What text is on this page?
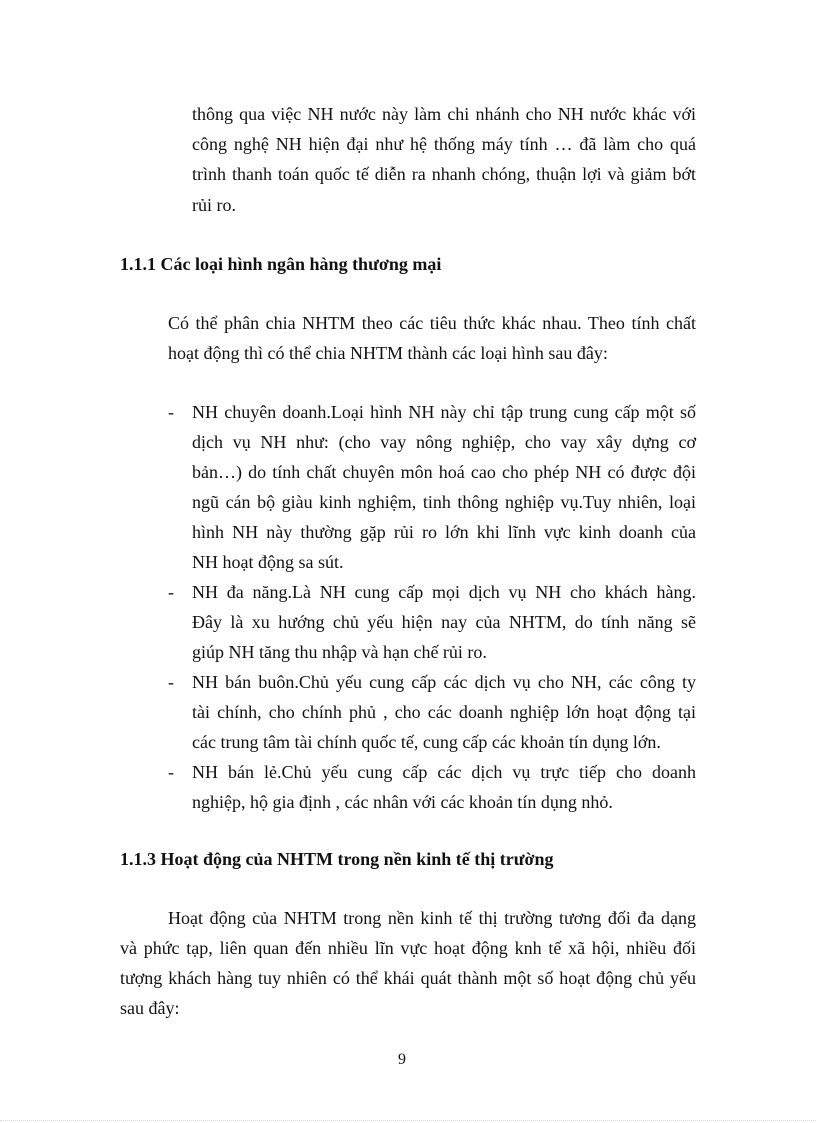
thông qua việc NH nước này làm chi nhánh cho NH nước khác với
công nghệ NH hiện đại như hệ thống máy tính … đã làm cho quá
trình thanh toán quốc tế diễn ra nhanh chóng, thuận lợi và giảm bớt
rủi ro.
1.1.1 Các loại hình ngân hàng thương mại
Có thể phân chia NHTM theo các tiêu thức khác nhau. Theo tính chất
hoạt động thì có thể chia NHTM thành các loại hình sau đây:
- NH chuyên doanh.Loại hình NH này chỉ tập trung cung cấp một số
dịch vụ NH như: (cho vay nông nghiệp, cho vay xây dựng cơ
bản…) do tính chất chuyên môn hoá cao cho phép NH có được đội
ngũ cán bộ giàu kinh nghiệm, tinh thông nghiệp vụ.Tuy nhiên, loại
hình NH này thường gặp rủi ro lớn khi lĩnh vực kinh doanh của
NH hoạt động sa sút.
- NH đa năng.Là NH cung cấp mọi dịch vụ NH cho khách hàng.
Đây là xu hướng chủ yếu hiện nay của NHTM, do tính năng sẽ
giúp NH tăng thu nhập và hạn chế rủi ro.
- NH bán buôn.Chủ yếu cung cấp các dịch vụ cho NH, các công ty
tài chính, cho chính phủ , cho các doanh nghiệp lớn hoạt động tại
các trung tâm tài chính quốc tế, cung cấp các khoản tín dụng lớn.
- NH bán lẻ.Chủ yếu cung cấp các dịch vụ trực tiếp cho doanh
nghiệp, hộ gia định , các nhân với các khoản tín dụng nhỏ.
1.1.3 Hoạt động của NHTM trong nền kinh tế thị trường
Hoạt động của NHTM trong nền kinh tế thị trường tương đối đa dạng
và phức tạp, liên quan đến nhiều lĩn vực hoạt động knh tế xã hội, nhiều đối
tượng khách hàng tuy nhiên có thể khái quát thành một số hoạt động chủ yếu
sau đây:
9
